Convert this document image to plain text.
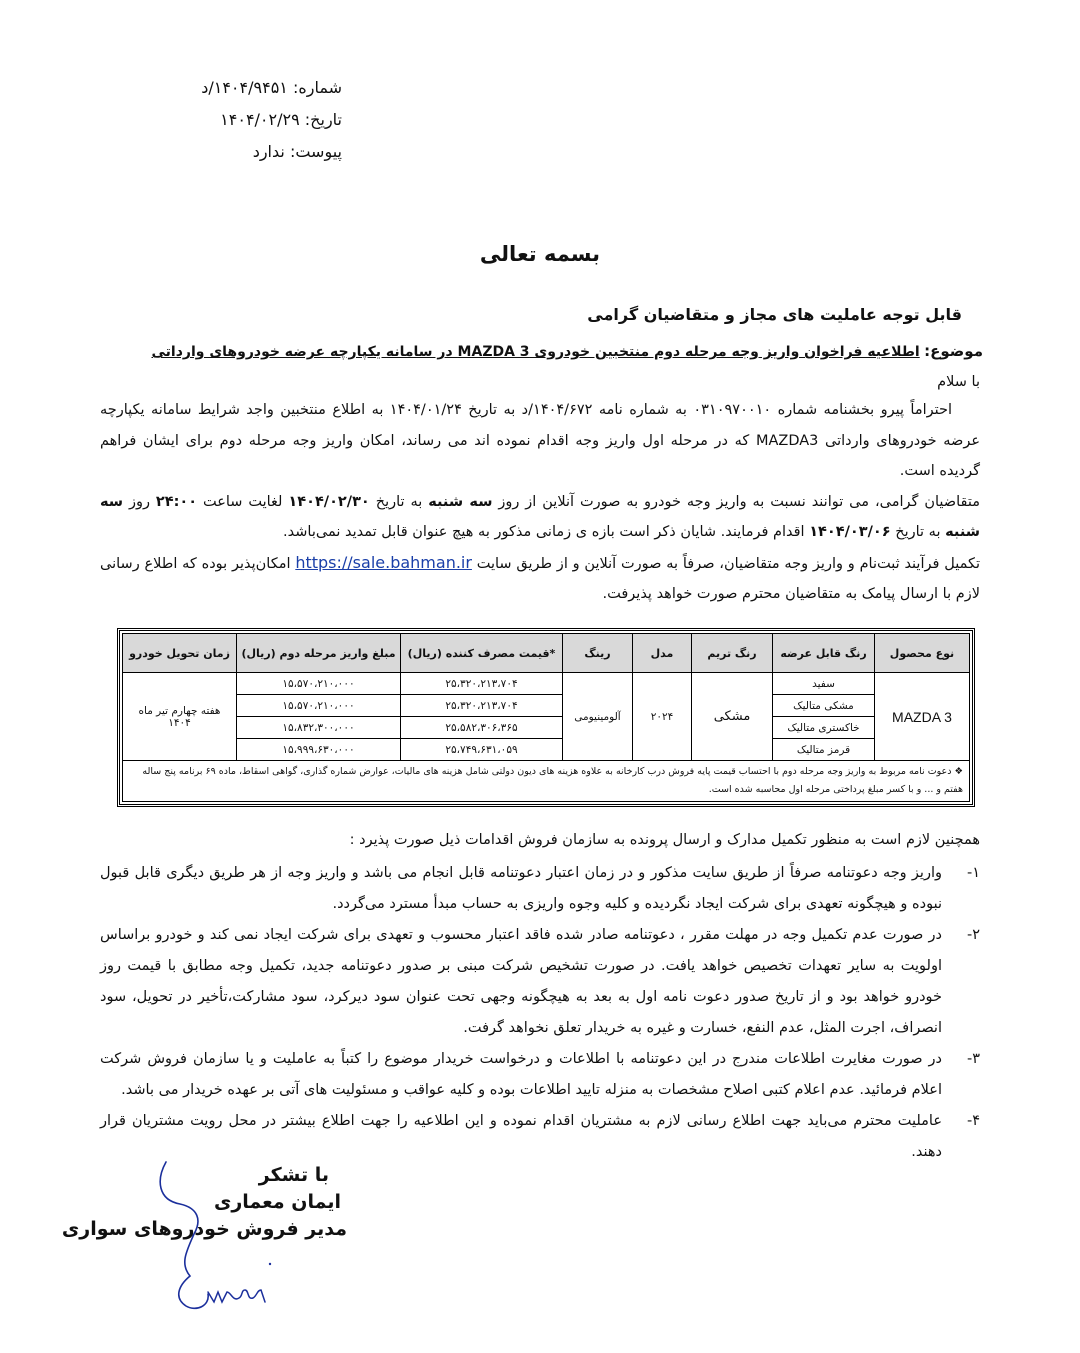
شماره: ۱۴۰۴/۹۴۵۱/د
تاریخ: ۱۴۰۴/۰۲/۲۹
پیوست: ندارد
بسمه تعالی
قابل توجه عاملیت های مجاز و متقاضیان گرامی
موضوع: اطلاعیه فراخوان واریز وجه مرحله دوم منتخبین خودروی MAZDA 3 در سامانه یکپارچه عرضه خودروهای وارداتی
با سلام

احتراماً پیرو بخشنامه شماره ۰۳۱۰۹۷۰۰۱۰ به شماره نامه ۱۴۰۴/۶۷۲/د به تاریخ ۱۴۰۴/۰۱/۲۴ به اطلاع منتخبین واجد شرایط سامانه یکپارچه عرضه خودروهای وارداتی MAZDA3 که در مرحله اول واریز وجه اقدام نموده اند می رساند، امکان واریز وجه مرحله دوم برای ایشان فراهم گردیده است.

متقاضیان گرامی، می توانند نسبت به واریز وجه خودرو به صورت آنلاین از روز سه شنبه به تاریخ ۱۴۰۴/۰۲/۳۰ لغایت ساعت ۲۴:۰۰ روز سه شنبه به تاریخ ۱۴۰۴/۰۳/۰۶ اقدام فرمایند. شایان ذکر است بازه ی زمانی مذکور به هیچ عنوان قابل تمدید نمی‌باشد.

تکمیل فرآیند ثبت‌نام و واریز وجه متقاضیان، صرفاً به صورت آنلاین و از طریق سایت https://sale.bahman.ir امکان‌پذیر بوده که اطلاع رسانی لازم با ارسال پیامک به متقاضیان محترم صورت خواهد پذیرفت.

نوع محصول	رنگ قابل عرضه	رنگ تریم	مدل	رینگ	*قیمت مصرف کننده (ریال)	مبلغ واریز مرحله دوم (ریال)	زمان تحویل خودرو
MAZDA 3	سفید	مشکی	۲۰۲۴	آلومینیومی	۲۵،۳۲۰،۲۱۳،۷۰۴	۱۵،۵۷۰،۲۱۰،۰۰۰	هفته چهارم تیر ماه ۱۴۰۴
	مشکی متالیک				۲۵،۳۲۰،۲۱۳،۷۰۴	۱۵،۵۷۰،۲۱۰،۰۰۰	
	خاکستری متالیک				۲۵،۵۸۲،۳۰۶،۳۶۵	۱۵،۸۳۲،۳۰۰،۰۰۰	
	قرمز متالیک				۲۵،۷۴۹،۶۳۱،۰۵۹	۱۵،۹۹۹،۶۳۰،۰۰۰	
❖ دعوت نامه مربوط به واریز وجه مرحله دوم با احتساب قیمت پایه فروش درب کارخانه به علاوه هزینه های دیون دولتی شامل هزینه های مالیات، عوارض شماره گذاری، گواهی اسقاط، ماده ۶۹ برنامه پنج ساله هفتم و ... و با کسر مبلغ پرداختی مرحله اول محاسبه شده است.							
همچنین لازم است به منظور تکمیل مدارک و ارسال پرونده به سازمان فروش اقدامات ذیل صورت پذیرد :
۱-
واریز وجه دعوتنامه صرفاً از طریق سایت مذکور و در زمان اعتبار دعوتنامه قابل انجام می باشد و واریز وجه از هر طریق دیگری قابل قبول نبوده و هیچگونه تعهدی برای شرکت ایجاد نگردیده و کلیه وجوه واریزی به حساب مبدأ مسترد می‌گردد.
۲-
در صورت عدم تکمیل وجه در مهلت مقرر ، دعوتنامه صادر شده فاقد اعتبار محسوب و تعهدی برای شرکت ایجاد نمی کند و خودرو براساس اولویت به سایر تعهدات تخصیص خواهد یافت. در صورت تشخیص شرکت مبنی بر صدور دعوتنامه جدید، تکمیل وجه مطابق با قیمت روز خودرو خواهد بود و از تاریخ صدور دعوت نامه اول به بعد به هیچگونه وجهی تحت عنوان سود دیرکرد، سود مشارکت،تأخیر در تحویل، سود انصراف، اجرت المثل، عدم النفع، خسارت و غیره به خریدار تعلق نخواهد گرفت.
۳-
در صورت مغایرت اطلاعات مندرج در این دعوتنامه با اطلاعات و درخواست خریدار موضوع را کتباً به عاملیت و یا سازمان فروش شرکت اعلام فرمائید. عدم اعلام کتبی اصلاح مشخصات به منزله تایید اطلاعات بوده و کلیه عواقب و مسئولیت های آتی بر عهده خریدار می باشد.
۴-
عاملیت محترم می‌باید جهت اطلاع رسانی لازم به مشتریان اقدام نموده و این اطلاعیه را جهت اطلاع بیشتر در محل رویت مشتریان قرار دهند.
با تشکر
ایمان معماری
مدیر فروش خودروهای سواری
